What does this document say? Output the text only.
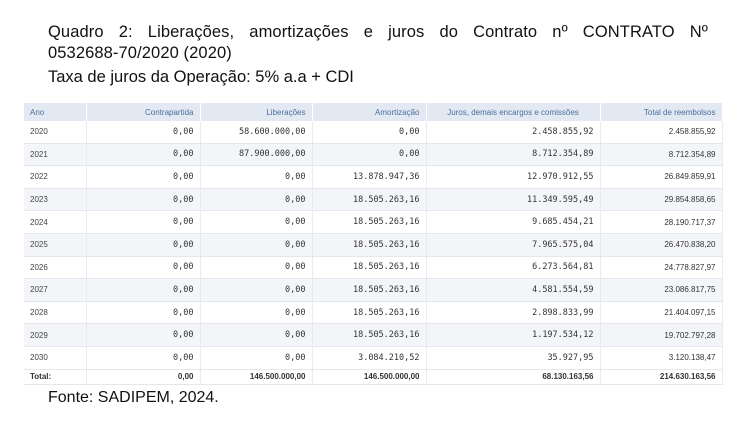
Quadro 2: Liberações, amortizações e juros do Contrato nº CONTRATO Nº
0532688-70/2020 (2020)
Taxa de juros da Operação: 5% a.a + CDI
Ano	Contrapartida	Liberações	Amortização	Juros, demais encargos e comissões	Total de reembolsos
2020	0,00	58.600.000,00	0,00	2.458.855,92	2.458.855,92
2021	0,00	87.900.000,00	0,00	8.712.354,89	8.712.354,89
2022	0,00	0,00	13.878.947,36	12.970.912,55	26.849.859,91
2023	0,00	0,00	18.505.263,16	11.349.595,49	29.854.858,65
2024	0,00	0,00	18.505.263,16	9.685.454,21	28.190.717,37
2025	0,00	0,00	18.505.263,16	7.965.575,04	26.470.838,20
2026	0,00	0,00	18.505.263,16	6.273.564,81	24.778.827,97
2027	0,00	0,00	18.505.263,16	4.581.554,59	23.086.817,75
2028	0,00	0,00	18.505.263,16	2.898.833,99	21.404.097,15
2029	0,00	0,00	18.505.263,16	1.197.534,12	19.702.797,28
2030	0,00	0,00	3.084.210,52	35.927,95	3.120.138,47
Total:	0,00	146.500.000,00	146.500.000,00	68.130.163,56	214.630.163,56
Fonte: SADIPEM, 2024.
